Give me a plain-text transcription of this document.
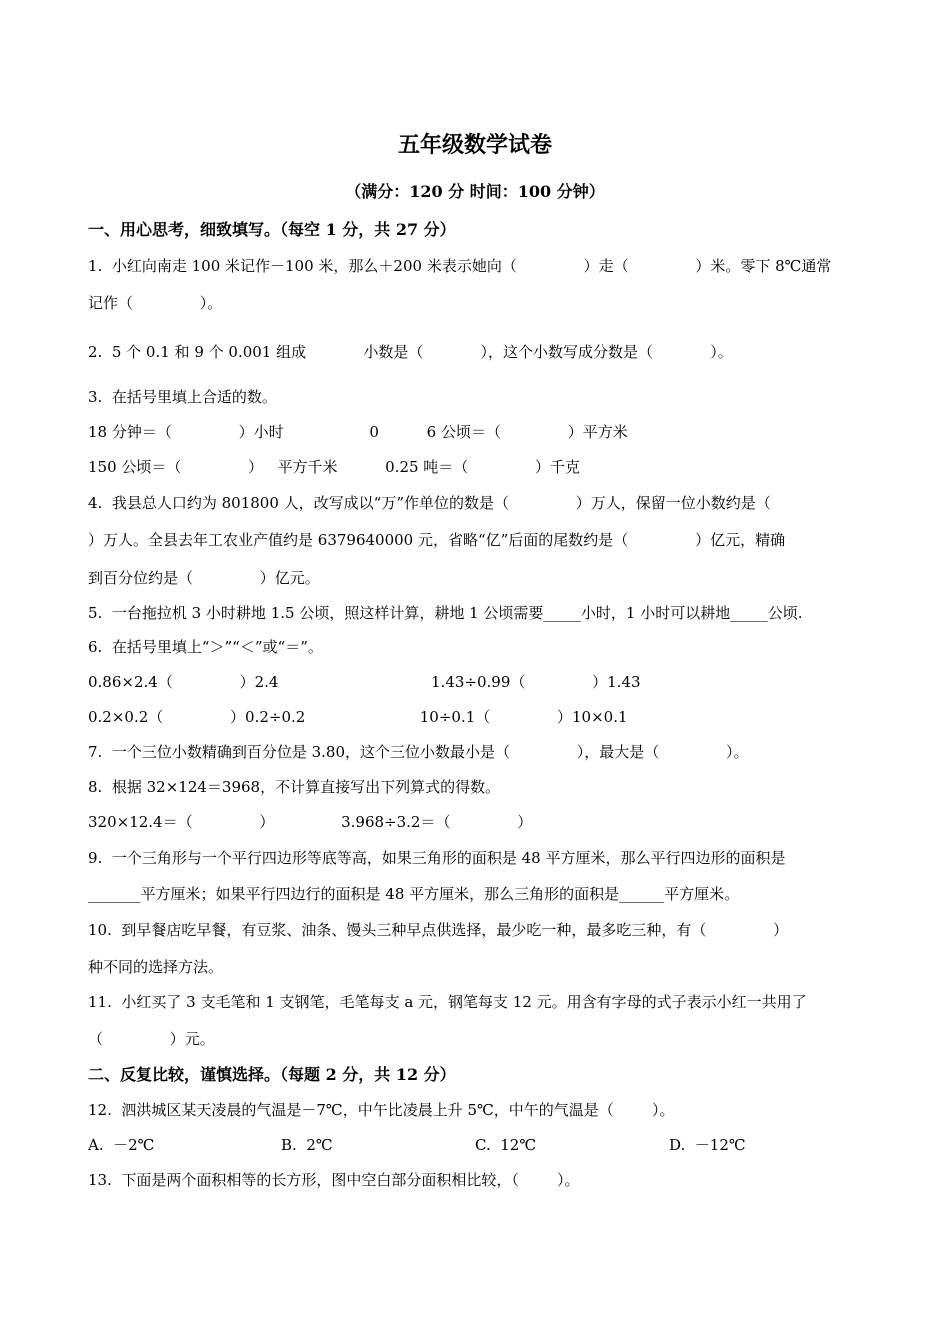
五年级数学试卷
（满分：120 分 时间：100 分钟）
一、用心思考，细致填写。（每空 1 分，共 27 分）
1.  小红向南走 100 米记作－100 米，那么＋200 米表示她向（              ）走（              ）米。零下 8℃通常
记作（              ）。
2.  5 个 0.1 和 9 个 0.001 组成            小数是（            ），这个小数写成分数是（            ）。
3.  在括号里填上合适的数。
18 分钟＝（              ）小时                  0          6 公顷＝（              ）平方米
150 公顷＝（              ）   平方千米          0.25 吨＝（              ）千克
4.  我县总人口约为 801800 人，改写成以“万”作单位的数是（              ）万人，保留一位小数约是（
）万人。全县去年工农业产值约是 6379640000 元，省略“亿”后面的尾数约是（              ）亿元，精确
到百分位约是（              ）亿元。
5.  一台拖拉机 3 小时耕地 1.5 公顷，照这样计算，耕地 1 公顷需要_____小时，1 小时可以耕地_____公顷.
6.  在括号里填上“＞”“＜”或“＝”。
0.86×2.4（              ）2.4                                1.43÷0.99（              ）1.43
0.2×0.2（              ）0.2÷0.2                        10÷0.1（              ）10×0.1
7.  一个三位小数精确到百分位是 3.80，这个三位小数最小是（              ），最大是（              ）。
8.  根据 32×124＝3968，不计算直接写出下列算式的得数。
320×12.4＝（              ）              3.968÷3.2＝（              ）
9.  一个三角形与一个平行四边形等底等高，如果三角形的面积是 48 平方厘米，那么平行四边形的面积是
_______平方厘米；如果平行四边行的面积是 48 平方厘米，那么三角形的面积是______平方厘米。
10.  到早餐店吃早餐，有豆浆、油条、馒头三种早点供选择，最少吃一种，最多吃三种，有（              ）
种不同的选择方法。
11.  小红买了 3 支毛笔和 1 支钢笔，毛笔每支 a 元，钢笔每支 12 元。用含有字母的式子表示小红一共用了
（              ）元。
二、反复比较，谨慎选择。（每题 2 分，共 12 分）
12.  泗洪城区某天凌晨的气温是－7℃，中午比凌晨上升 5℃，中午的气温是（        ）。
A.  －2℃	B.  2℃	C.  12℃	D.  －12℃
13.  下面是两个面积相等的长方形，图中空白部分面积相比较，（        ）。
